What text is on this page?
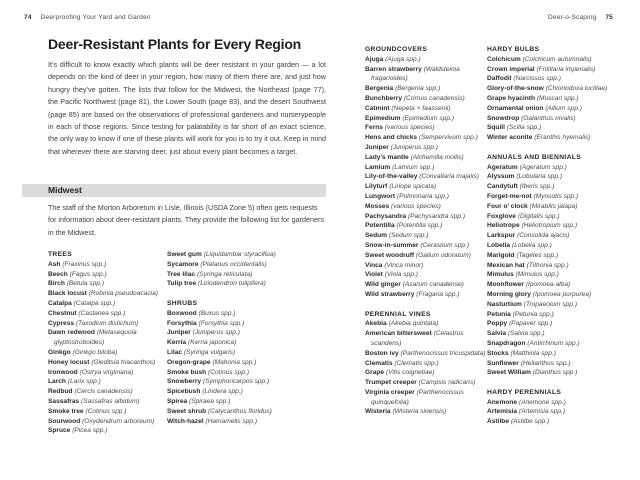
74 Deerproofing Your Yard and Garden	Deer-o-Scaping 75
Deer-Resistant Plants for Every Region

It’s difficult to know exactly which plants will be deer resistant in your garden — a lot depends on the kind of deer in your region, how many of them there are, and just how hungry they’ve gotten. The lists that follow for the Midwest, the Northeast (page 77), the Pacific Northwest (page 81), the Lower South (page 83), and the desert Southwest (page 85) are based on the observations of professional gardeners and nurserypeople in each of those regions. Since testing for palatability is far short of an exact science, the only way to know if one of these plants will work for you is to try it out. Keep in mind that wherever there are starving deer, just about every plant becomes a target.

Midwest

The staff of the Morton Arboretum in Lisle, Illinois (USDA Zone 5) often gets requests for information about deer-resistant plants. They provide the following list for gardeners in the Midwest.

TREES
Ash (Fraxinus spp.)
Beech (Fagus spp.)
Birch (Betula spp.)
Black locust (Robinia pseudoacacia)
Catalpa (Catalpa spp.)
Chestnut (Castanea spp.)
Cypress (Taxodium distichum)
Dawn redwood (Metasequoia glyptostroboides)
Ginkgo (Ginkgo biloba)
Honey locust (Gleditsia triacanthos)
Ironwood (Ostrya virginiana)
Larch (Larix spp.)
Redbud (Cercis canadensis)
Sassafras (Sassafras albidum)
Smoke tree (Cotinus spp.)
Sourwood (Oxydendrum arboreum)
Spruce (Picea spp.)
Sweet gum (Liquidambar styraciflua)
Sycamore (Platanus occidentalis)
Tree lilac (Syringa reticulata)
Tulip tree (Liriodendron tulipifera)
SHRUBS
Boxwood (Buxus spp.)
Forsythia (Forsythia spp.)
Juniper (Juniperus spp.)
Kerria (Kerria japonica)
Lilac (Syringa vulgaris)
Oregon-grape (Mahonia spp.)
Smoke bush (Cotinus spp.)
Snowberry (Symphoricarpos spp.)
Spicebush (Lindera spp.)
Spirea (Spiraea spp.)
Sweet shrub (Calycanthus floridus)
Witch-hazel (Hamamelis spp.)
GROUNDCOVERS
Ajuga (Ajuga spp.)
Barren strawberry (Waldsteinia fragarioides)
Bergenia (Bergenia spp.)
Bunchberry (Cornus canadensis)
Catmint (Nepeta × faassenii)
Epimedium (Epimedium spp.)
Ferns (various species)
Hens and chicks (Sempervivum spp.)
Juniper (Juniperus spp.)
Lady’s mantle (Alchemilla mollis)
Lamium (Lamium spp.)
Lily-of-the-valley (Convallaria majalis)
Lilyturf (Liriope spicata)
Lungwort (Pulmonaria spp.)
Mosses (various species)
Pachysandra (Pachysandra spp.)
Potentilla (Potentilla spp.)
Sedum (Sedum spp.)
Snow-in-summer (Cerastium spp.)
Sweet woodruff (Galium odoratum)
Vinca (Vinca minor)
Violet (Viola spp.)
Wild ginger (Asarum canadense)
Wild strawberry (Fragaria spp.)
PERENNIAL VINES
Akebia (Akebia quintata)
American bittersweet (Celastrus scandens)
Boston ivy (Parthenocissus tricuspidata)
Clematis (Clematis spp.)
Grape (Vitis coignetiae)
Trumpet creeper (Campsis radicans)
Virginia creeper (Parthenocissus quinquefolia)
Wisteria (Wisteria sinensis)
HARDY BULBS
Colchicum (Colchicum autumnalis)
Crown imperial (Fritillaria imperialis)
Daffodil (Narcissus spp.)
Glory-of-the-snow (Chionodoxa luciliae)
Grape hyacinth (Muscari spp.)
Ornamental onion (Allium spp.)
Snowdrop (Galanthus nivalis)
Squill (Scilla spp.)
Winter aconite (Eranthis hyemalis)
ANNUALS AND BIENNIALS
Ageratum (Ageratum spp.)
Alyssum (Lobularia spp.)
Candytuft (Iberis spp.)
Forget-me-not (Myosotis spp.)
Four o’ clock (Mirabilis jalapa)
Foxglove (Digitalis spp.)
Heliotrope (Heliotropium spp.)
Larkspur (Consolida ajacis)
Lobelia (Lobelia spp.)
Marigold (Tagetes spp.)
Mexican hat (Tithonia spp.)
Mimulus (Mimulus spp.)
Moonflower (Ipomoea alba)
Morning glory (Ipomoea purpurea)
Nasturtium (Tropaeolum spp.)
Petunia (Petunia spp.)
Poppy (Papaver spp.)
Salvia (Salvia spp.)
Snapdragon (Antirrhinum spp.)
Stocks (Matthiola spp.)
Sunflower (Helianthus spp.)
Sweet William (Dianthus spp.)
HARDY PERENNIALS
Anemone (Anemone spp.)
Artemisia (Artemisia spp.)
Astilbe (Astilbe spp.)
